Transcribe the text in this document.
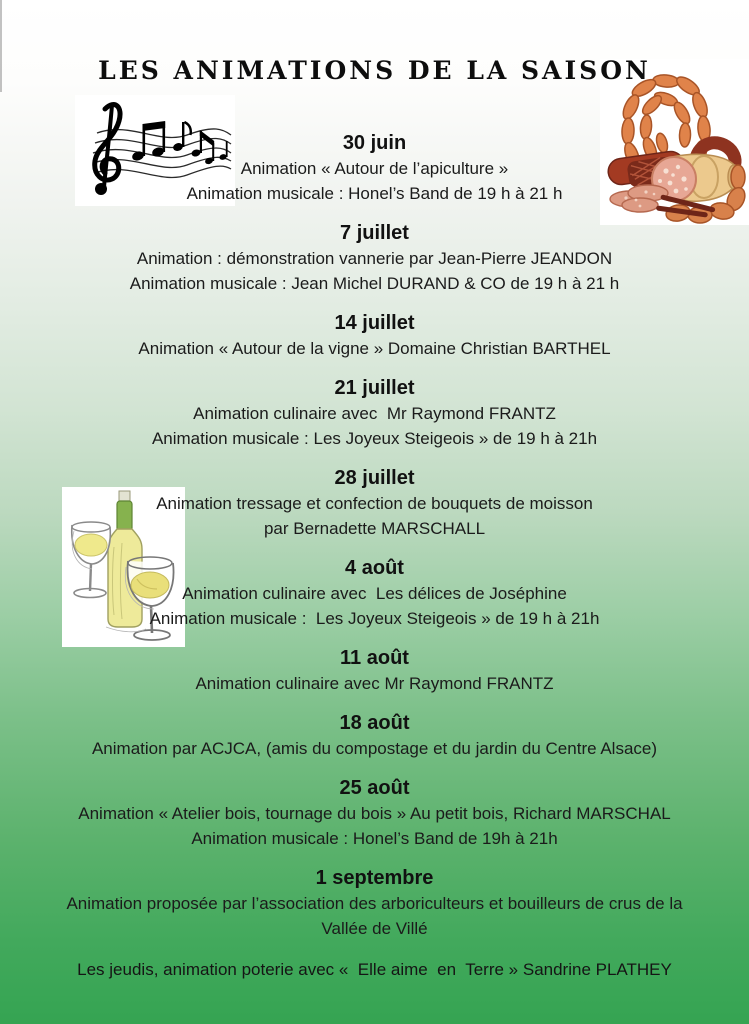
LES ANIMATIONS DE LA SAISON
30 juin

Animation « Autour de l’apiculture »

Animation musicale : Honel’s Band de 19 h à 21 h

7 juillet

Animation : démonstration vannerie par Jean-Pierre JEANDON

Animation musicale : Jean Michel DURAND & CO de 19 h à 21 h

14 juillet

Animation « Autour de la vigne » Domaine Christian BARTHEL

21 juillet

Animation culinaire avec  Mr Raymond FRANTZ

Animation musicale : Les Joyeux Steigeois » de 19 h à 21h

28 juillet

Animation tressage et confection de bouquets de moisson

par Bernadette MARSCHALL

4 août

Animation culinaire avec  Les délices de Joséphine

Animation musicale :  Les Joyeux Steigeois » de 19 h à 21h

11 août

Animation culinaire avec Mr Raymond FRANTZ

18 août

Animation par ACJCA, (amis du compostage et du jardin du Centre Alsace)

25 août

Animation « Atelier bois, tournage du bois » Au petit bois, Richard MARSCHAL

Animation musicale : Honel’s Band de 19h à 21h

1 septembre

Animation proposée par l’association des arboriculteurs et bouilleurs de crus de la

Vallée de Villé

Les jeudis, animation poterie avec «  Elle aime  en  Terre » Sandrine PLATHEY
